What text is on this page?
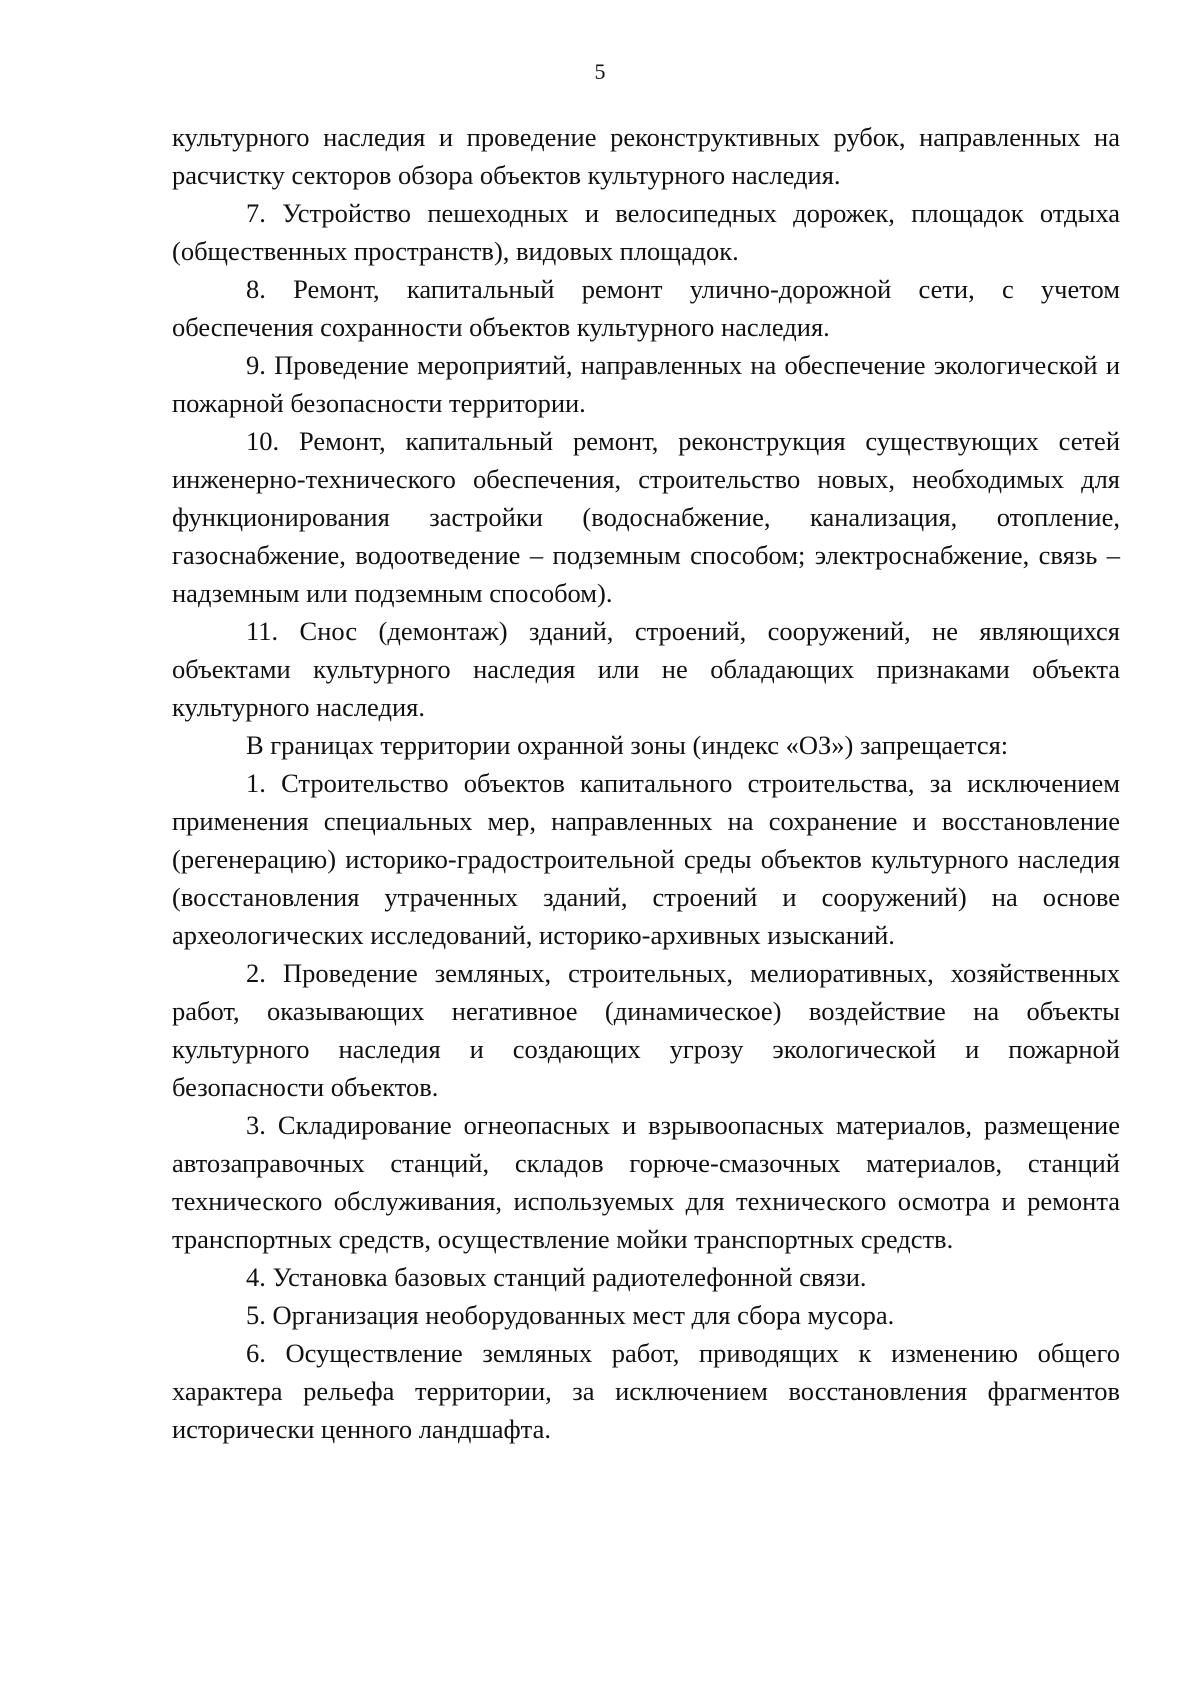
5

культурного наследия и проведение реконструктивных рубок, направленных на расчистку секторов обзора объектов культурного наследия.

7. Устройство пешеходных и велосипедных дорожек, площадок отдыха (общественных пространств), видовых площадок.

8. Ремонт, капитальный ремонт улично-дорожной сети, с учетом обеспечения сохранности объектов культурного наследия.

9. Проведение мероприятий, направленных на обеспечение экологической и пожарной безопасности территории.

10. Ремонт, капитальный ремонт, реконструкция существующих сетей инженерно-технического обеспечения, строительство новых, необходимых для функционирования застройки (водоснабжение, канализация, отопление, газоснабжение, водоотведение – подземным способом; электроснабжение, связь – надземным или подземным способом).

11. Снос (демонтаж) зданий, строений, сооружений, не являющихся объектами культурного наследия или не обладающих признаками объекта культурного наследия.

В границах территории охранной зоны (индекс «ОЗ») запрещается:

1. Строительство объектов капитального строительства, за исключением применения специальных мер, направленных на сохранение и восстановление (регенерацию) историко-градостроительной среды объектов культурного наследия (восстановления утраченных зданий, строений и сооружений) на основе археологических исследований, историко-архивных изысканий.

2. Проведение земляных, строительных, мелиоративных, хозяйственных работ, оказывающих негативное (динамическое) воздействие на объекты культурного наследия и создающих угрозу экологической и пожарной безопасности объектов.

3. Складирование огнеопасных и взрывоопасных материалов, размещение автозаправочных станций, складов горюче-смазочных материалов, станций технического обслуживания, используемых для технического осмотра и ремонта транспортных средств, осуществление мойки транспортных средств.

4. Установка базовых станций радиотелефонной связи.

5. Организация необорудованных мест для сбора мусора.

6. Осуществление земляных работ, приводящих к изменению общего характера рельефа территории, за исключением восстановления фрагментов исторически ценного ландшафта.
